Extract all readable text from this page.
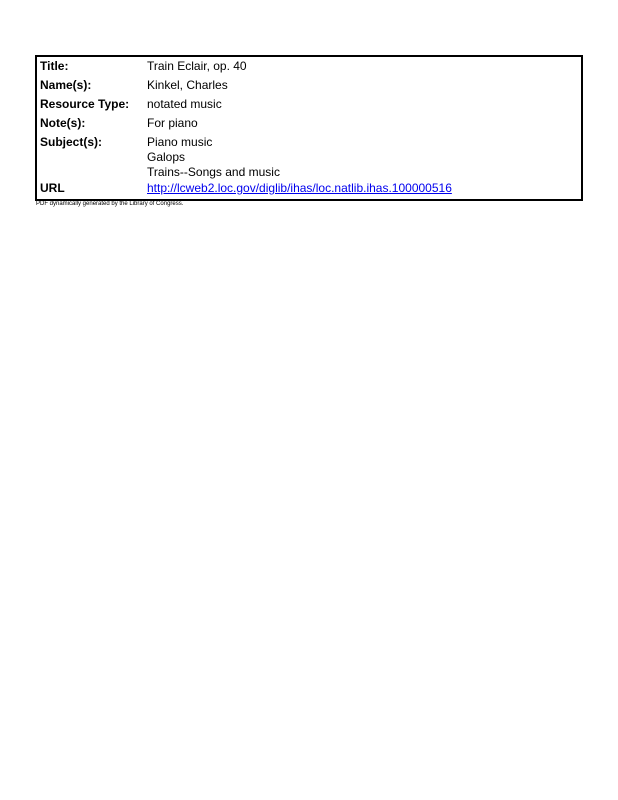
Title:	Train Eclair, op. 40
Name(s):	Kinkel, Charles
Resource Type: notated music
Note(s):	For piano
Subject(s):	Piano music
Galops
Trains--Songs and music
URL	http://lcweb2.loc.gov/diglib/ihas/loc.natlib.ihas.100000516
PDF dynamically generated by the Library of Congress.
